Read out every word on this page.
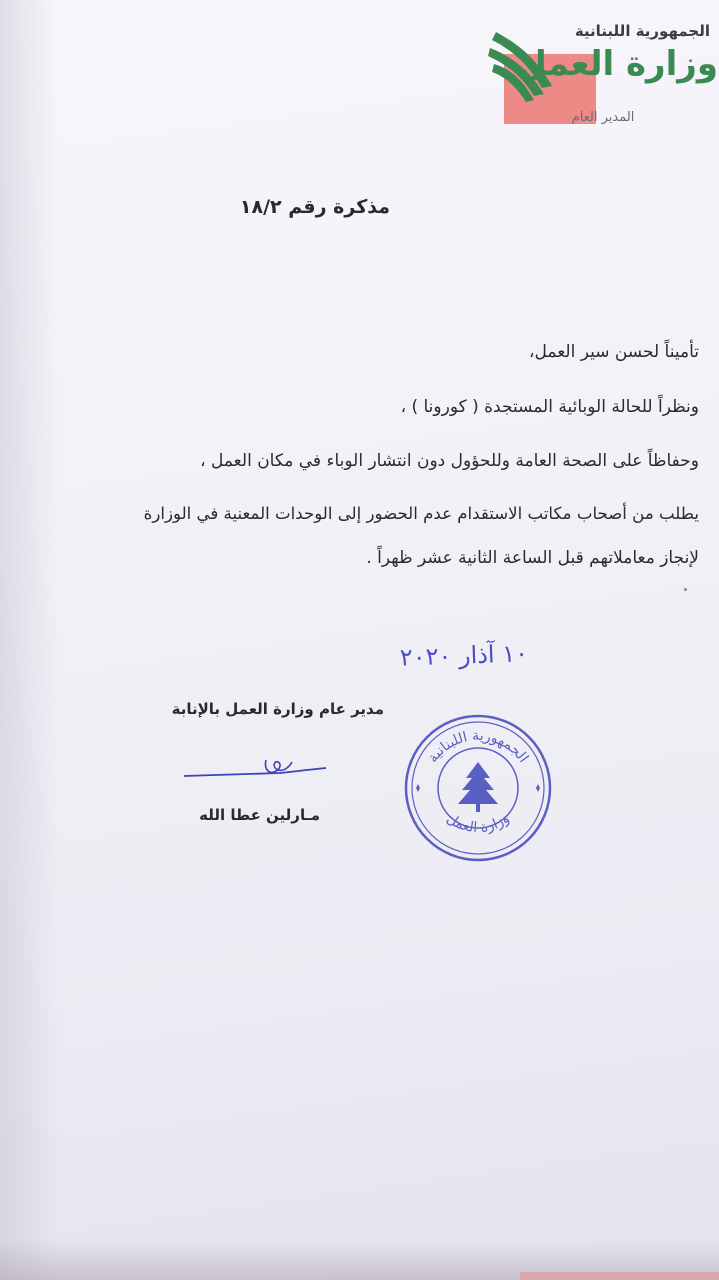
الجمهورية اللبنانية
وزارة العمل
المدير العام
مذكرة رقم ١٨/٢
تأميناً لحسن سير العمل،
ونظراً للحالة الوبائية المستجدة ( كورونا ) ،
وحفاظاً على الصحة العامة وللحؤول دون انتشار الوباء في مكان العمل ،
يطلب من أصحاب مكاتب الاستقدام عدم الحضور إلى الوحدات المعنية في الوزارة
لإنجاز معاملاتهم قبل الساعة الثانية عشر ظهراً .
١٠ آذار ٢٠٢٠
مدير عام وزارة العمل بالإنابة
مـارلين عطا الله
الجمهورية اللبنانية
وزارة العمل
